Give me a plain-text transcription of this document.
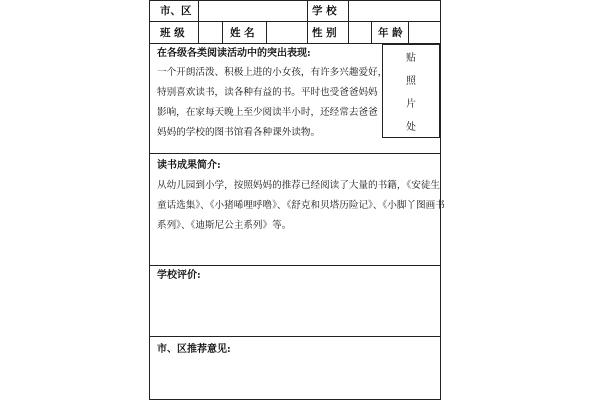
市、区	学 校
班 级	姓 名	性 别	年 龄
贴
照
片
处
在各级各类阅读活动中的突出表现:
一个开朗活泼、积极上进的小女孩，有许多兴趣爱好，
特别喜欢读书，读各种有益的书。平时也受爸爸妈妈
影响，在家每天晚上至少阅读半小时，还经常去爸爸
妈妈的学校的图书馆看各种课外读物。
读书成果简介:
从幼儿园到小学，按照妈妈的推荐已经阅读了大量的书籍，《安徒生
童话选集》、《小猪唏哩呼噜》、《舒克和贝塔历险记》、《小脚丫图画书
系列》、《迪斯尼公主系列》等。
学校评价:
市、区推荐意见:
